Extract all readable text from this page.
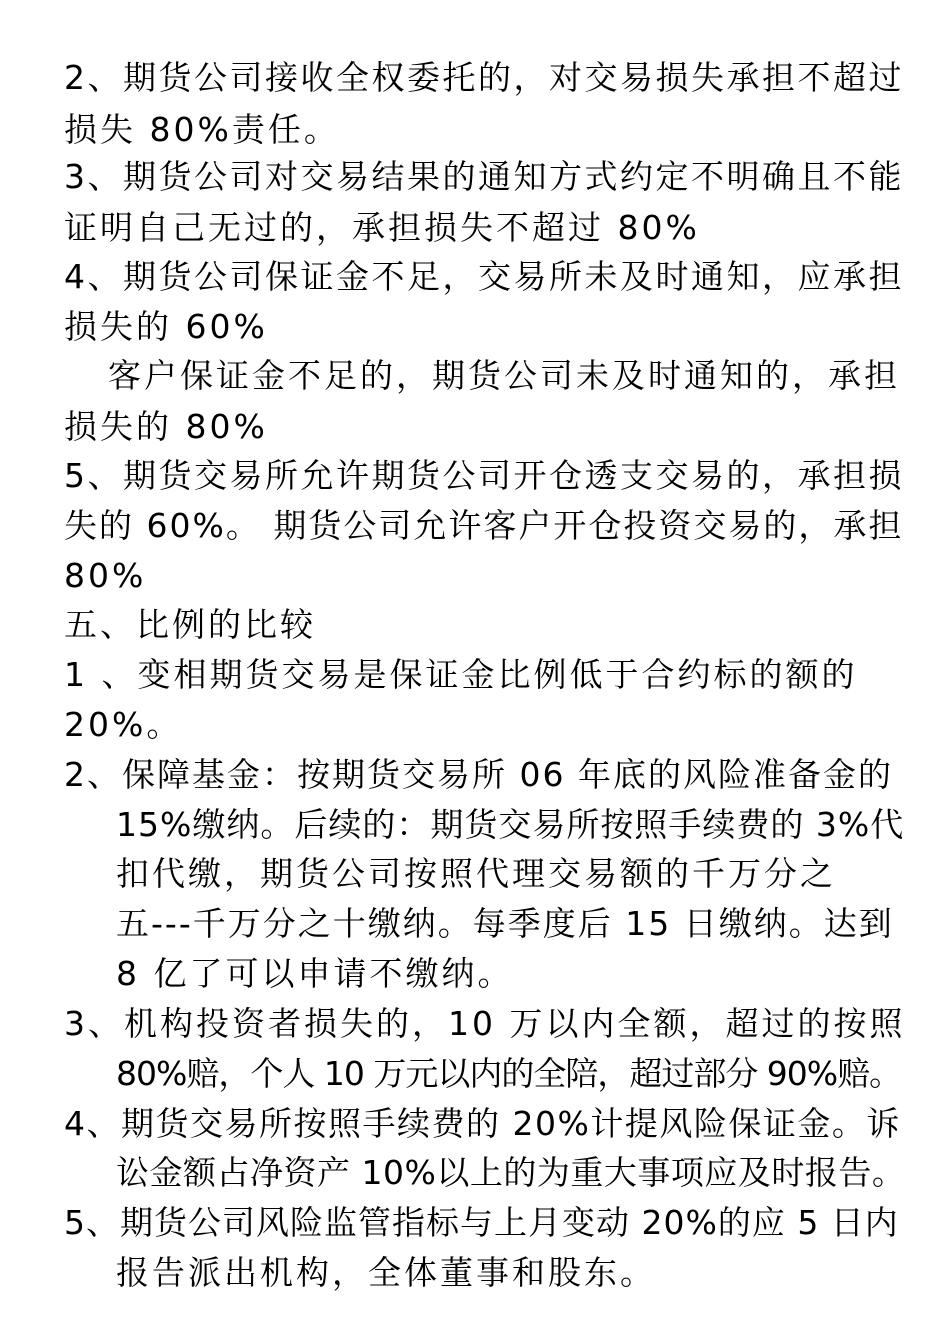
2、期货公司接收全权委托的，对交易损失承担不超过
损失 80%责任。
3、期货公司对交易结果的通知方式约定不明确且不能
证明自己无过的，承担损失不超过 80%
4、期货公司保证金不足，交易所未及时通知，应承担
损失的 60%
客户保证金不足的，期货公司未及时通知的，承担
损失的 80%
5、期货交易所允许期货公司开仓透支交易的，承担损
失的 60%。 期货公司允许客户开仓投资交易的，承担
80%
五、比例的比较
1 、变相期货交易是保证金比例低于合约标的额的
20%。
2、保障基金：按期货交易所 06 年底的风险准备金的
15%缴纳。后续的：期货交易所按照手续费的 3%代
扣代缴，期货公司按照代理交易额的千万分之
五---千万分之十缴纳。每季度后 15 日缴纳。达到
8 亿了可以申请不缴纳。
3、机构投资者损失的，10 万以内全额，超过的按照
80%赔，个人 10 万元以内的全陪，超过部分 90%赔。
4、期货交易所按照手续费的 20%计提风险保证金。诉
讼金额占净资产 10%以上的为重大事项应及时报告。
5、期货公司风险监管指标与上月变动 20%的应 5 日内
报告派出机构，全体董事和股东。
